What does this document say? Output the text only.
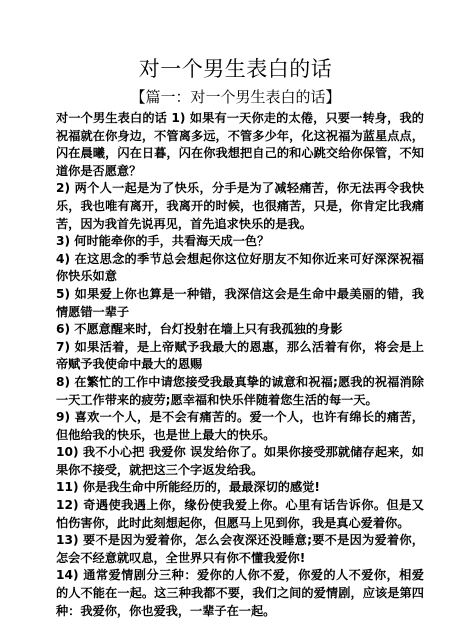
对一个男生表白的话
【篇一：对一个男生表白的话】

对一个男生表白的话 1) 如果有一天你走的太倦，只要一转身，我的祝福就在你身边，不管离多远，不管多少年，化这祝福为蓝星点点，闪在晨曦，闪在日暮，闪在你我想把自己的和心跳交给你保管，不知道你是否愿意？

2) 两个人一起是为了快乐，分手是为了减轻痛苦，你无法再令我快乐，我也唯有离开，我离开的时候，也很痛苦，只是，你肯定比我痛苦，因为我首先说再见，首先追求快乐的是我。

3) 何时能牵你的手，共看海天成一色？

4) 在这思念的季节总会想起你这位好朋友不知你近来可好深深祝福你快乐如意

5) 如果爱上你也算是一种错，我深信这会是生命中最美丽的错，我情愿错一辈子

6) 不愿意醒来时，台灯投射在墙上只有我孤独的身影

7) 如果活着，是上帝赋予我最大的恩惠，那么活着有你，将会是上帝赋予我使命中最大的恩赐

8) 在繁忙的工作中请您接受我最真挚的诚意和祝福;愿我的祝福消除一天工作带来的疲劳;愿幸福和快乐伴随着您生活的每一天。

9) 喜欢一个人，是不会有痛苦的。爱一个人，也许有绵长的痛苦，但他给我的快乐，也是世上最大的快乐。

10) 我不小心把 我爱你 误发给你了。如果你接受那就储存起来，如果你不接受，就把这三个字返发给我。

11) 你是我生命中所能经历的，最最深切的感觉!

12) 奇遇使我遇上你，缘份使我爱上你。心里有话告诉你。但是又怕伤害你，此时此刻想起你，但愿马上见到你，我是真心爱着你。

13) 要不是因为爱着你，怎么会夜深还没睡意;要不是因为爱着你，怎会不经意就叹息，全世界只有你不懂我爱你!

14) 通常爱情剧分三种：爱你的人你不爱，你爱的人不爱你，相爱的人不能在一起。这三种我都不要，我们之间的爱情剧，应该是第四种：我爱你，你也爱我，一辈子在一起。
